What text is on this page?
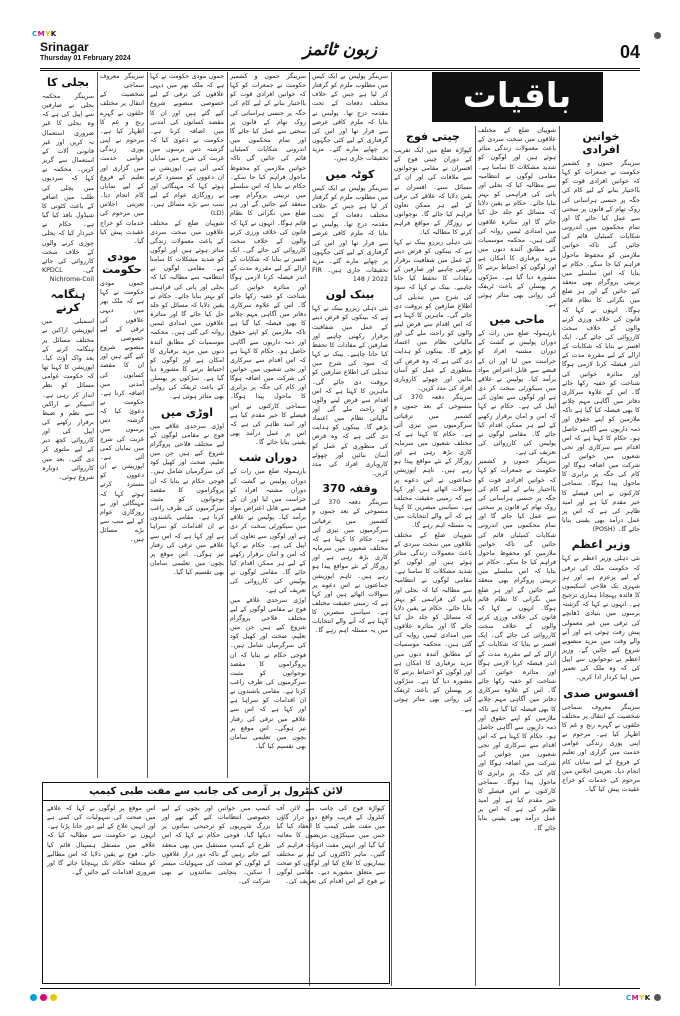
CMYK
CMYK
Srinagar
Thursday 01 February 2024	زبون ٹائمز	04
باقیات
خواتین افرادی
سرینگر جموں و کشمیر حکومت نے جمعرات کو کہا کہ خواتین افرادی قوت کو بااختیار بنانے کے لیے کام کی جگہ پر جنسی ہراسانی کی روک تھام کے قانون پر سختی سے عمل کیا جائے گا اور تمام محکموں میں اندرونی شکایات کمیٹیاں قائم کی جائیں گی تاکہ خواتین ملازمین کو محفوظ ماحول فراہم کیا جا سکے۔ حکام نے بتایا کہ اس سلسلے میں تربیتی پروگرام بھی منعقد کیے جائیں گے اور ہر ضلع میں نگرانی کا نظام قائم ہوگا۔ انہوں نے کہا کہ قانون کی خلاف ورزی کرنے والوں کے خلاف سخت کارروائی کی جائے گی۔ ایک افسر نے بتایا کہ شکایات کے ازالے کے لیے مقررہ مدت کے اندر فیصلہ کرنا لازمی ہوگا اور متاثرہ خواتین کی شناخت کو خفیہ رکھا جائے گا۔ اس کے علاوہ سرکاری دفاتر میں آگاہی مہم چلانے کا بھی فیصلہ کیا گیا ہے تاکہ ملازمین کو اپنے حقوق اور ذمہ داریوں سے آگاہی حاصل ہو۔ حکام کا کہنا ہے کہ اس اقدام سے سرکاری اور نجی شعبوں میں خواتین کی شرکت میں اضافہ ہوگا اور کام کی جگہ پر برابری کا ماحول پیدا ہوگا۔ سماجی کارکنوں نے اس فیصلے کا خیر مقدم کیا ہے اور امید ظاہر کی ہے کہ اس پر عمل درآمد بھی یقینی بنایا جائے گا۔ (POSH)
وزیر اعظم
نئی دہلی وزیر اعظم نے کہا کہ حکومت ملک کی ترقی کے لیے پرعزم ہے اور ہر شہری تک فلاحی اسکیموں کا فائدہ پہنچانا ہماری ترجیح ہے۔ انہوں نے کہا کہ گزشتہ برسوں میں بنیادی ڈھانچے کی ترقی میں غیر معمولی پیش رفت ہوئی ہے اور آنے والے وقت میں مزید منصوبے شروع کیے جائیں گے۔ وزیر اعظم نے نوجوانوں سے اپیل کی کہ وہ ملک کی تعمیر میں اپنا کردار ادا کریں۔
افسوس صدی
سرینگر معروف سماجی شخصیت کے انتقال پر مختلف حلقوں نے گہرے رنج و غم کا اظہار کیا ہے۔ مرحوم نے اپنی پوری زندگی عوامی خدمت میں گزاری اور تعلیم کے فروغ کے لیے نمایاں کام انجام دیا۔ تعزیتی اجلاس میں مرحوم کی خدمات کو خراج عقیدت پیش کیا گیا۔
شوپیان ضلع کے مختلف علاقوں میں سخت سردی کے باعث معمولات زندگی متاثر ہوئے ہیں اور لوگوں کو شدید مشکلات کا سامنا ہے۔ مقامی لوگوں نے انتظامیہ سے مطالبہ کیا کہ بجلی اور پانی کی فراہمی کو بہتر بنایا جائے۔ حکام نے یقین دلایا کہ مسائل کو جلد حل کیا جائے گا اور متاثرہ علاقوں میں امدادی ٹیمیں روانہ کی گئی ہیں۔ محکمہ موسمیات کے مطابق آئندہ دنوں میں مزید برفباری کا امکان ہے اور لوگوں کو احتیاط برتنے کا مشورہ دیا گیا ہے۔ سڑکوں پر پھسلن کے باعث ٹریفک کی روانی بھی متاثر ہوئی ہے۔
ماحی میں
بارہمولہ ضلع میں رات کے دوران پولیس نے گشت کے دوران مشتبہ افراد کو حراست میں لیا اور ان کے قبضے سے قابل اعتراض مواد برآمد کیا۔ پولیس نے علاقے میں سیکورٹی سخت کر دی ہے اور لوگوں سے تعاون کی اپیل کی ہے۔ حکام نے کہا کہ امن و امان برقرار رکھنے کے لیے ہر ممکن اقدام کیا جائے گا۔ مقامی لوگوں نے پولیس کی کارروائی کی تعریف کی ہے۔
سرینگر جموں و کشمیر حکومت نے جمعرات کو کہا کہ خواتین افرادی قوت کو بااختیار بنانے کے لیے کام کی جگہ پر جنسی ہراسانی کی روک تھام کے قانون پر سختی سے عمل کیا جائے گا اور تمام محکموں میں اندرونی شکایات کمیٹیاں قائم کی جائیں گی تاکہ خواتین ملازمین کو محفوظ ماحول فراہم کیا جا سکے۔ حکام نے بتایا کہ اس سلسلے میں تربیتی پروگرام بھی منعقد کیے جائیں گے اور ہر ضلع میں نگرانی کا نظام قائم ہوگا۔ انہوں نے کہا کہ قانون کی خلاف ورزی کرنے والوں کے خلاف سخت کارروائی کی جائے گی۔ ایک افسر نے بتایا کہ شکایات کے ازالے کے لیے مقررہ مدت کے اندر فیصلہ کرنا لازمی ہوگا اور متاثرہ خواتین کی شناخت کو خفیہ رکھا جائے گا۔ اس کے علاوہ سرکاری دفاتر میں آگاہی مہم چلانے کا بھی فیصلہ کیا گیا ہے تاکہ ملازمین کو اپنے حقوق اور ذمہ داریوں سے آگاہی حاصل ہو۔ حکام کا کہنا ہے کہ اس اقدام سے سرکاری اور نجی شعبوں میں خواتین کی شرکت میں اضافہ ہوگا اور کام کی جگہ پر برابری کا ماحول پیدا ہوگا۔ سماجی کارکنوں نے اس فیصلے کا خیر مقدم کیا ہے اور امید ظاہر کی ہے کہ اس پر عمل درآمد بھی یقینی بنایا جائے گا۔
چیتی فوج
کپواڑہ ضلع میں ایک تقریب کے دوران چیتی فوج کے افسران نے مقامی نوجوانوں سے ملاقات کی اور ان کے مسائل سنے۔ افسران نے یقین دلایا کہ علاقے کی ترقی کے لیے ہر ممکن تعاون فراہم کیا جائے گا۔ نوجوانوں نے روزگار کے مواقع فراہم کرنے کا مطالبہ کیا۔
نئی دہلی ریزرو بینک نے کہا ہے کہ بینکوں کو قرض دینے کے عمل میں شفافیت برقرار رکھنی چاہیے اور صارفین کے مفادات کا تحفظ کیا جانا چاہیے۔ بینک نے کہا کہ سود کی شرح میں تبدیلی کی اطلاع صارفین کو بروقت دی جائے گی۔ ماہرین کا کہنا ہے کہ اس اقدام سے قرض لینے والوں کو راحت ملے گی اور مالیاتی نظام میں اعتماد بڑھے گا۔ بینکوں کو ہدایت دی گئی ہے کہ وہ قرض کی منظوری کے عمل کو آسان بنائیں اور چھوٹے کاروباری افراد کی مدد کریں۔
سرینگر دفعہ 370 کی منسوخی کے بعد جموں و کشمیر میں ترقیاتی سرگرمیوں میں تیزی آئی ہے۔ حکام کا کہنا ہے کہ مختلف شعبوں میں سرمایہ کاری بڑھ رہی ہے اور روزگار کے نئے مواقع پیدا ہو رہے ہیں۔ تاہم اپوزیشن جماعتوں نے اس دعوے پر سوالات اٹھائے ہیں اور کہا ہے کہ زمینی حقیقت مختلف ہے۔ سیاسی مبصرین کا کہنا ہے کہ آنے والے انتخابات میں یہ مسئلہ اہم رہے گا۔
شوپیان ضلع کے مختلف علاقوں میں سخت سردی کے باعث معمولات زندگی متاثر ہوئے ہیں اور لوگوں کو شدید مشکلات کا سامنا ہے۔ مقامی لوگوں نے انتظامیہ سے مطالبہ کیا کہ بجلی اور پانی کی فراہمی کو بہتر بنایا جائے۔ حکام نے یقین دلایا کہ مسائل کو جلد حل کیا جائے گا اور متاثرہ علاقوں میں امدادی ٹیمیں روانہ کی گئی ہیں۔ محکمہ موسمیات کے مطابق آئندہ دنوں میں مزید برفباری کا امکان ہے اور لوگوں کو احتیاط برتنے کا مشورہ دیا گیا ہے۔ سڑکوں پر پھسلن کے باعث ٹریفک کی روانی بھی متاثر ہوئی ہے۔
سرینگر پولیس نے ایک کیس میں مطلوب ملزم کو گرفتار کر لیا ہے جس کے خلاف مختلف دفعات کے تحت مقدمہ درج تھا۔ پولیس نے بتایا کہ ملزم کافی عرصے سے فرار تھا اور اس کی گرفتاری کے لیے کئی جگہوں پر چھاپے مارے گئے۔ مزید تحقیقات جاری ہیں۔
کوٹہ میں
سرینگر پولیس نے ایک کیس میں مطلوب ملزم کو گرفتار کر لیا ہے جس کے خلاف مختلف دفعات کے تحت مقدمہ درج تھا۔ پولیس نے بتایا کہ ملزم کافی عرصے سے فرار تھا اور اس کی گرفتاری کے لیے کئی جگہوں پر چھاپے مارے گئے۔ مزید تحقیقات جاری ہیں۔ FIR 148 / 2022
بینک لون
نئی دہلی ریزرو بینک نے کہا ہے کہ بینکوں کو قرض دینے کے عمل میں شفافیت برقرار رکھنی چاہیے اور صارفین کے مفادات کا تحفظ کیا جانا چاہیے۔ بینک نے کہا کہ سود کی شرح میں تبدیلی کی اطلاع صارفین کو بروقت دی جائے گی۔ ماہرین کا کہنا ہے کہ اس اقدام سے قرض لینے والوں کو راحت ملے گی اور مالیاتی نظام میں اعتماد بڑھے گا۔ بینکوں کو ہدایت دی گئی ہے کہ وہ قرض کی منظوری کے عمل کو آسان بنائیں اور چھوٹے کاروباری افراد کی مدد کریں۔
وقفہ 370
سرینگر دفعہ 370 کی منسوخی کے بعد جموں و کشمیر میں ترقیاتی سرگرمیوں میں تیزی آئی ہے۔ حکام کا کہنا ہے کہ مختلف شعبوں میں سرمایہ کاری بڑھ رہی ہے اور روزگار کے نئے مواقع پیدا ہو رہے ہیں۔ تاہم اپوزیشن جماعتوں نے اس دعوے پر سوالات اٹھائے ہیں اور کہا ہے کہ زمینی حقیقت مختلف ہے۔ سیاسی مبصرین کا کہنا ہے کہ آنے والے انتخابات میں یہ مسئلہ اہم رہے گا۔
سرینگر جموں و کشمیر حکومت نے جمعرات کو کہا کہ خواتین افرادی قوت کو بااختیار بنانے کے لیے کام کی جگہ پر جنسی ہراسانی کی روک تھام کے قانون پر سختی سے عمل کیا جائے گا اور تمام محکموں میں اندرونی شکایات کمیٹیاں قائم کی جائیں گی تاکہ خواتین ملازمین کو محفوظ ماحول فراہم کیا جا سکے۔ حکام نے بتایا کہ اس سلسلے میں تربیتی پروگرام بھی منعقد کیے جائیں گے اور ہر ضلع میں نگرانی کا نظام قائم ہوگا۔ انہوں نے کہا کہ قانون کی خلاف ورزی کرنے والوں کے خلاف سخت کارروائی کی جائے گی۔ ایک افسر نے بتایا کہ شکایات کے ازالے کے لیے مقررہ مدت کے اندر فیصلہ کرنا لازمی ہوگا اور متاثرہ خواتین کی شناخت کو خفیہ رکھا جائے گا۔ اس کے علاوہ سرکاری دفاتر میں آگاہی مہم چلانے کا بھی فیصلہ کیا گیا ہے تاکہ ملازمین کو اپنے حقوق اور ذمہ داریوں سے آگاہی حاصل ہو۔ حکام کا کہنا ہے کہ اس اقدام سے سرکاری اور نجی شعبوں میں خواتین کی شرکت میں اضافہ ہوگا اور کام کی جگہ پر برابری کا ماحول پیدا ہوگا۔ سماجی کارکنوں نے اس فیصلے کا خیر مقدم کیا ہے اور امید ظاہر کی ہے کہ اس پر عمل درآمد بھی یقینی بنایا جائے گا۔
دوران شب
بارہمولہ ضلع میں رات کے دوران پولیس نے گشت کے دوران مشتبہ افراد کو حراست میں لیا اور ان کے قبضے سے قابل اعتراض مواد برآمد کیا۔ پولیس نے علاقے میں سیکورٹی سخت کر دی ہے اور لوگوں سے تعاون کی اپیل کی ہے۔ حکام نے کہا کہ امن و امان برقرار رکھنے کے لیے ہر ممکن اقدام کیا جائے گا۔ مقامی لوگوں نے پولیس کی کارروائی کی تعریف کی ہے۔
اوڑی سرحدی علاقے میں فوج نے مقامی لوگوں کے لیے مختلف فلاحی پروگرام شروع کیے ہیں جن میں تعلیم، صحت اور کھیل کود کی سرگرمیاں شامل ہیں۔ فوجی حکام نے بتایا کہ ان پروگراموں کا مقصد نوجوانوں کو مثبت سرگرمیوں کی طرف راغب کرنا ہے۔ مقامی باشندوں نے ان اقدامات کو سراہا ہے اور کہا ہے کہ اس سے علاقے میں ترقی کی رفتار تیز ہوگی۔ اس موقع پر بچوں میں تعلیمی سامان بھی تقسیم کیا گیا۔
جموں مودی حکومت نے کہا ہے کہ ملک بھر میں دیہی علاقوں کی ترقی کے لیے خصوصی منصوبے شروع کیے گئے ہیں اور ان کا مقصد کسانوں کی آمدنی میں اضافہ کرنا ہے۔ حکومت نے دعویٰ کیا کہ گزشتہ دس برسوں میں غربت کی شرح میں نمایاں کمی آئی ہے۔ اپوزیشن نے ان دعووں کو مسترد کرتے ہوئے کہا کہ مہنگائی اور بے روزگاری عوام کے لیے سب سے بڑے مسائل ہیں۔ (LD)
شوپیان ضلع کے مختلف علاقوں میں سخت سردی کے باعث معمولات زندگی متاثر ہوئے ہیں اور لوگوں کو شدید مشکلات کا سامنا ہے۔ مقامی لوگوں نے انتظامیہ سے مطالبہ کیا کہ بجلی اور پانی کی فراہمی کو بہتر بنایا جائے۔ حکام نے یقین دلایا کہ مسائل کو جلد حل کیا جائے گا اور متاثرہ علاقوں میں امدادی ٹیمیں روانہ کی گئی ہیں۔ محکمہ موسمیات کے مطابق آئندہ دنوں میں مزید برفباری کا امکان ہے اور لوگوں کو احتیاط برتنے کا مشورہ دیا گیا ہے۔ سڑکوں پر پھسلن کے باعث ٹریفک کی روانی بھی متاثر ہوئی ہے۔
اوڑی میں
اوڑی سرحدی علاقے میں فوج نے مقامی لوگوں کے لیے مختلف فلاحی پروگرام شروع کیے ہیں جن میں تعلیم، صحت اور کھیل کود کی سرگرمیاں شامل ہیں۔ فوجی حکام نے بتایا کہ ان پروگراموں کا مقصد نوجوانوں کو مثبت سرگرمیوں کی طرف راغب کرنا ہے۔ مقامی باشندوں نے ان اقدامات کو سراہا ہے اور کہا ہے کہ اس سے علاقے میں ترقی کی رفتار تیز ہوگی۔ اس موقع پر بچوں میں تعلیمی سامان بھی تقسیم کیا گیا۔
سرینگر معروف سماجی شخصیت کے انتقال پر مختلف حلقوں نے گہرے رنج و غم کا اظہار کیا ہے۔ مرحوم نے اپنی پوری زندگی عوامی خدمت میں گزاری اور تعلیم کے فروغ کے لیے نمایاں کام انجام دیا۔ تعزیتی اجلاس میں مرحوم کی خدمات کو خراج عقیدت پیش کیا گیا۔
مودی حکومت
جموں مودی حکومت نے کہا ہے کہ ملک بھر میں دیہی علاقوں کی ترقی کے لیے خصوصی منصوبے شروع کیے گئے ہیں اور ان کا مقصد کسانوں کی آمدنی میں اضافہ کرنا ہے۔ حکومت نے دعویٰ کیا کہ گزشتہ دس برسوں میں غربت کی شرح میں نمایاں کمی آئی ہے۔ اپوزیشن نے ان دعووں کو مسترد کرتے ہوئے کہا کہ مہنگائی اور بے روزگاری عوام کے لیے سب سے بڑے مسائل ہیں۔
بجلی کا
سرینگر محکمہ بجلی نے صارفین سے اپیل کی ہے کہ وہ بجلی کا غیر ضروری استعمال نہ کریں اور غیر قانونی آلات کے استعمال سے گریز کریں۔ محکمہ نے کہا کہ سردیوں میں بجلی کی طلب میں اضافے کے باعث کٹوتی کا شیڈول نافذ کیا گیا ہے۔ حکام نے خبردار کیا کہ بجلی چوری کرنے والوں کے خلاف سخت کارروائی کی جائے گی۔ KPDCL Nichrome-Coil
ہنگامہ کرنے
اسمبلی میں اپوزیشن اراکین نے مختلف مسائل پر ہنگامہ کرنے کے بعد واک آؤٹ کیا۔ اپوزیشن کا کہنا تھا کہ حکومت عوامی مسائل کو نظر انداز کر رہی ہے۔ اسپیکر نے اراکین سے نظم و ضبط برقرار رکھنے کی اپیل کی اور کارروائی کچھ دیر کے لیے ملتوی کر دی گئی۔ بعد میں کارروائی دوبارہ شروع ہوئی۔
لائن کنٹرول پر آرمی کی جانب سے مفت طبی کیمپ
کپواڑہ فوج کی جانب سے لائن آف کنٹرول کے قریب واقع دور دراز گاؤں میں مفت طبی کیمپ کا انعقاد کیا گیا جس میں سینکڑوں مریضوں کا معائنہ کیا گیا اور انہیں مفت ادویات فراہم کی گئیں۔ ماہر ڈاکٹروں کی ٹیم نے مختلف بیماریوں کا علاج کیا اور لوگوں کو صحت سے متعلق مشورے دیے۔ مقامی لوگوں نے فوج کے اس اقدام کی تعریف کی۔
کیمپ میں خواتین اور بچوں کے لیے خصوصی انتظامات کیے گئے تھے اور بزرگ شہریوں کو ترجیحی بنیادوں پر دیکھا گیا۔ فوجی حکام نے کہا کہ اس طرح کے کیمپ مستقبل میں بھی منعقد کیے جاتے رہیں گے تاکہ دور دراز علاقوں کے لوگوں کو صحت کی سہولیات میسر آ سکیں۔ پنچایتی نمائندوں نے بھی شرکت کی۔
اس موقع پر لوگوں نے کہا کہ علاقے میں صحت کی سہولیات کی کمی ہے اور انہیں علاج کے لیے دور جانا پڑتا ہے۔ انہوں نے حکومت سے مطالبہ کیا کہ علاقے میں مستقل ہسپتال قائم کیا جائے۔ فوج نے یقین دلایا کہ اس مطالبے کو متعلقہ حکام تک پہنچایا جائے گا اور ضروری اقدامات کیے جائیں گے۔
